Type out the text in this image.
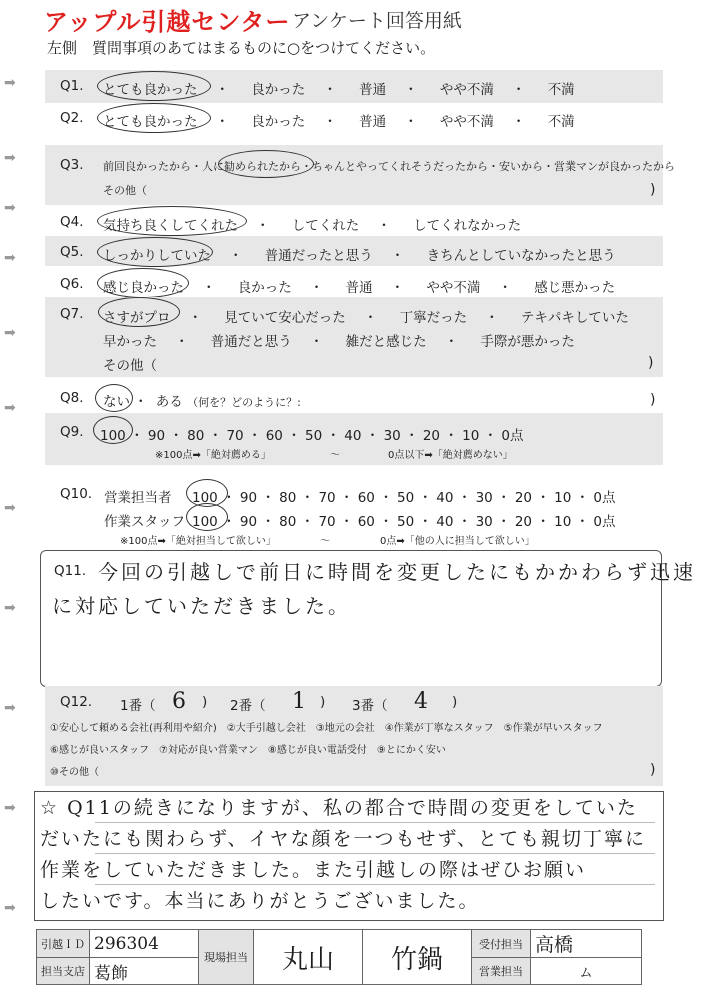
アップル引越センター アンケート回答用紙
左側　質問事項のあてはまるものに○をつけてください。
➡
➡
➡
➡
➡
➡
➡
➡
➡
➡
➡
Q1. とても良かった ・ 良かった ・ 普通 ・ やや不満 ・ 不満
Q2. とても良かった ・ 良かった ・ 普通 ・ やや不満 ・ 不満
Q3. 前回良かったから・人に勧められたから・ちゃんとやってくれそうだったから・安いから・営業マンが良かったから
その他（	)
Q4. 気持ち良くしてくれた ・ してくれた ・ してくれなかった
Q5. しっかりしていた ・ 普通だったと思う ・ きちんとしていなかったと思う
Q6. 感じ良かった ・ 良かった ・ 普通 ・ やや不満 ・ 感じ悪かった
Q7. さすがプロ ・ 見ていて安心だった ・ 丁寧だった ・ テキパキしていた
早かった ・ 普通だと思う ・ 雑だと感じた ・ 手際が悪かった
その他（	)
Q8. ない ・ ある （何を？どのように？:	)
Q9. 100 ・ 90 ・ 80 ・ 70 ・ 60 ・ 50 ・ 40 ・ 30 ・ 20 ・ 10 ・ 0点
※100点➡「絶対薦める」	〜	0点以下➡「絶対薦めない」
Q10. 営業担当者 100 ・ 90 ・ 80 ・ 70 ・ 60 ・ 50 ・ 40 ・ 30 ・ 20 ・ 10 ・ 0点
作業スタッフ 100 ・ 90 ・ 80 ・ 70 ・ 60 ・ 50 ・ 40 ・ 30 ・ 20 ・ 10 ・ 0点
※100点➡「絶対担当して欲しい」	〜	0点➡「他の人に担当して欲しい」
Q11. 今回の引越しで前日に時間を変更したにもかかわらず迅速
に対応していただきました。
Q12. 1番（ 6 ) 2番（ 1 ) 3番（ 4 )
①安心して頼める会社(再利用や紹介)　②大手引越し会社　③地元の会社　④作業が丁寧なスタッフ　⑤作業が早いスタッフ
⑥感じが良いスタッフ　⑦対応が良い営業マン　⑧感じが良い電話受付　⑨とにかく安い
⑩その他（	)
☆ Q11の続きになりますが、私の都合で時間の変更をしていた
だいたにも関わらず、イヤな顔を一つもせず、とても親切丁寧に
作業をしていただきました。また引越しの際はぜひお願い
したいです。本当にありがとうございました。
引越ＩＤ	296304	現場担当	丸山	竹鍋	受付担当	高橋
担当支店	葛飾				営業担当	ム
